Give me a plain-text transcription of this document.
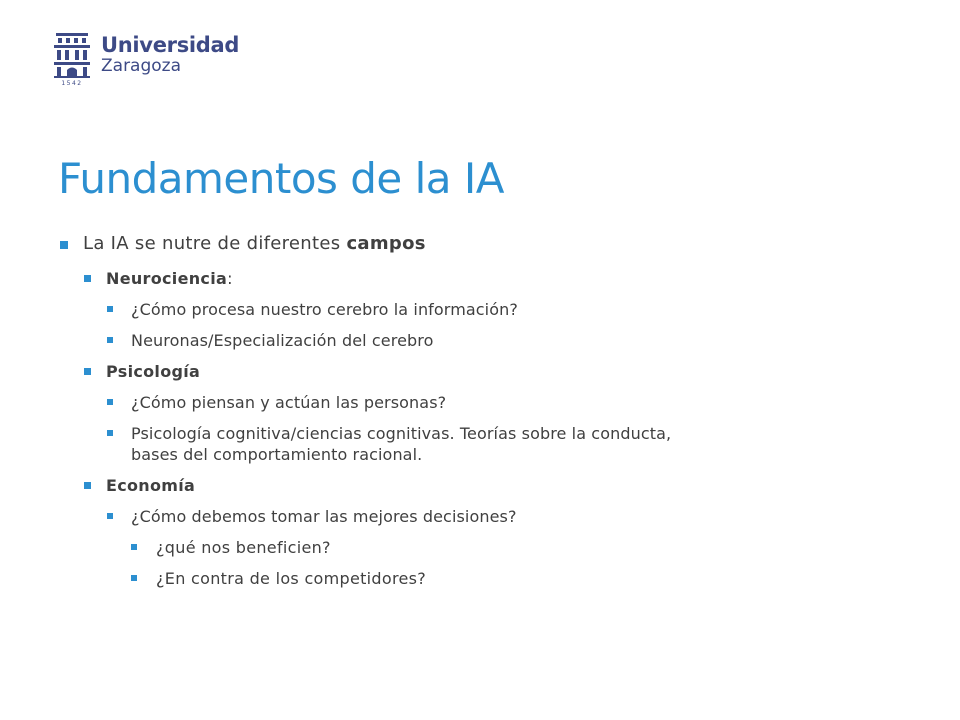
1542
Universidad
Zaragoza
Fundamentos de la IA
La IA se nutre de diferentes campos
Neurociencia:
¿Cómo procesa nuestro cerebro la información?
Neuronas/Especialización del cerebro
Psicología
¿Cómo piensan y actúan las personas?
Psicología cognitiva/ciencias cognitivas. Teorías sobre la conducta, bases del comportamiento racional.
Economía
¿Cómo debemos tomar las mejores decisiones?
¿qué nos beneficien?
¿En contra de los competidores?
